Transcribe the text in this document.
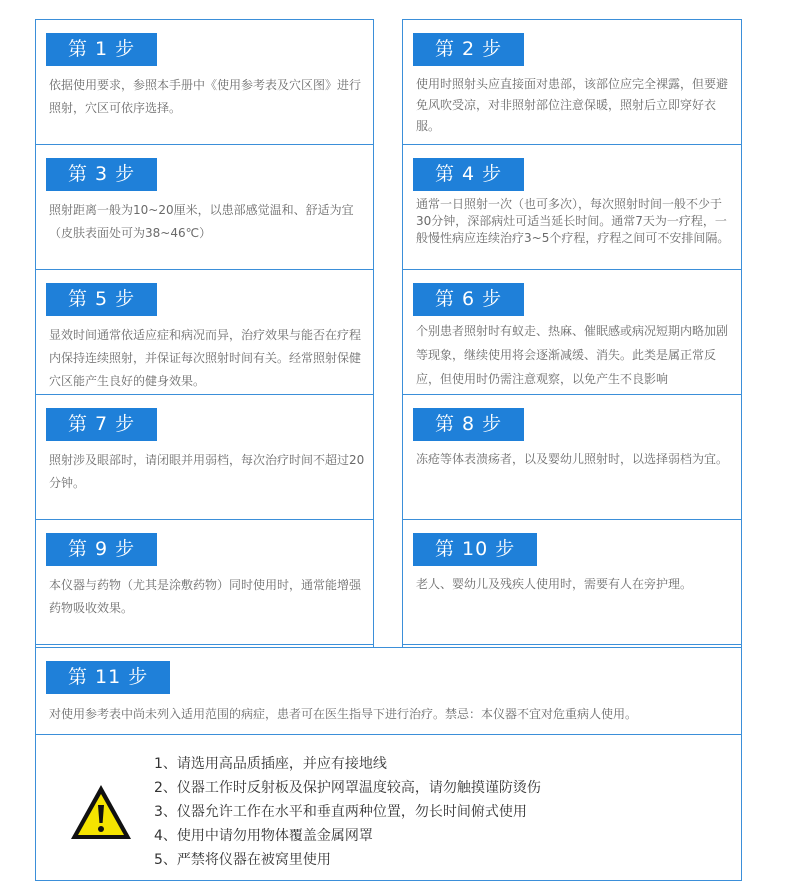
第 1 步
依据使用要求，参照本手册中《使用参考表及穴区图》进行照射，穴区可依序选择。
第 3 步
照射距离一般为10~20厘米，以患部感觉温和、舒适为宜（皮肤表面处可为38~46℃）
第 5 步
显效时间通常依适应症和病况而异，治疗效果与能否在疗程内保持连续照射，并保证每次照射时间有关。经常照射保健穴区能产生良好的健身效果。
第 7 步
照射涉及眼部时，请闭眼并用弱档，每次治疗时间不超过20分钟。
第 9 步
本仪器与药物（尤其是涂敷药物）同时使用时，通常能增强药物吸收效果。
第 2 步
使用时照射头应直接面对患部，该部位应完全裸露，但要避免风吹受凉，对非照射部位注意保暖，照射后立即穿好衣服。
第 4 步
通常一日照射一次（也可多次），每次照射时间一般不少于30分钟，深部病灶可适当延长时间。通常7天为一疗程，一般慢性病应连续治疗3~5个疗程，疗程之间可不安排间隔。
第 6 步
个别患者照射时有蚁走、热麻、催眠感或病况短期内略加剧等现象，继续使用将会逐渐减缓、消失。此类是属正常反应，但使用时仍需注意观察，以免产生不良影响
第 8 步
冻疮等体表溃疡者，以及婴幼儿照射时，以选择弱档为宜。
第 10 步
老人、婴幼儿及残疾人使用时，需要有人在旁护理。
第 11 步
对使用参考表中尚未列入适用范围的病症，患者可在医生指导下进行治疗。禁忌：本仪器不宜对危重病人使用。
1、请选用高品质插座，并应有接地线
2、仪器工作时反射板及保护网罩温度较高，请勿触摸谨防烫伤
3、仪器允许工作在水平和垂直两种位置，勿长时间俯式使用
4、使用中请勿用物体覆盖金属网罩
5、严禁将仪器在被窝里使用
